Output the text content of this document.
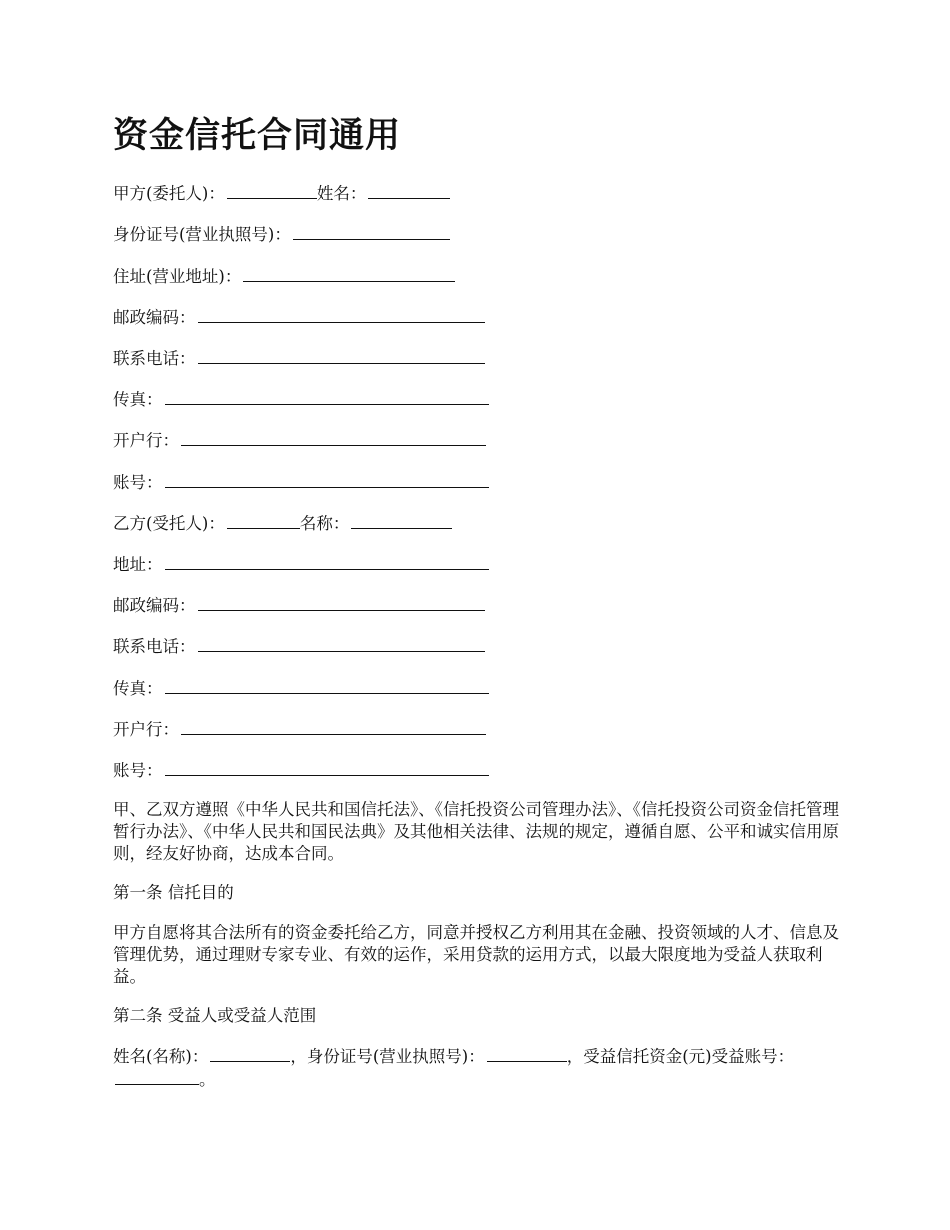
资金信托合同通用

甲方(委托人)：	姓名：

身份证号(营业执照号)：

住址(营业地址)：

邮政编码：

联系电话：

传真：

开户行：

账号：

乙方(受托人)：	名称：

地址：

邮政编码：

联系电话：

传真：

开户行：

账号：

甲、乙双方遵照《中华人民共和国信托法》、《信托投资公司管理办法》、《信托投资公司资金信托管理暂行办法》、《中华人民共和国民法典》及其他相关法律、法规的规定，遵循自愿、公平和诚实信用原则，经友好协商，达成本合同。

第一条 信托目的

甲方自愿将其合法所有的资金委托给乙方，同意并授权乙方利用其在金融、投资领域的人才、信息及管理优势，通过理财专家专业、有效的运作，采用贷款的运用方式，以最大限度地为受益人获取利益。

第二条 受益人或受益人范围

姓名(名称)：	，身份证号(营业执照号)：	，受益信托资金(元)受益账号：。
